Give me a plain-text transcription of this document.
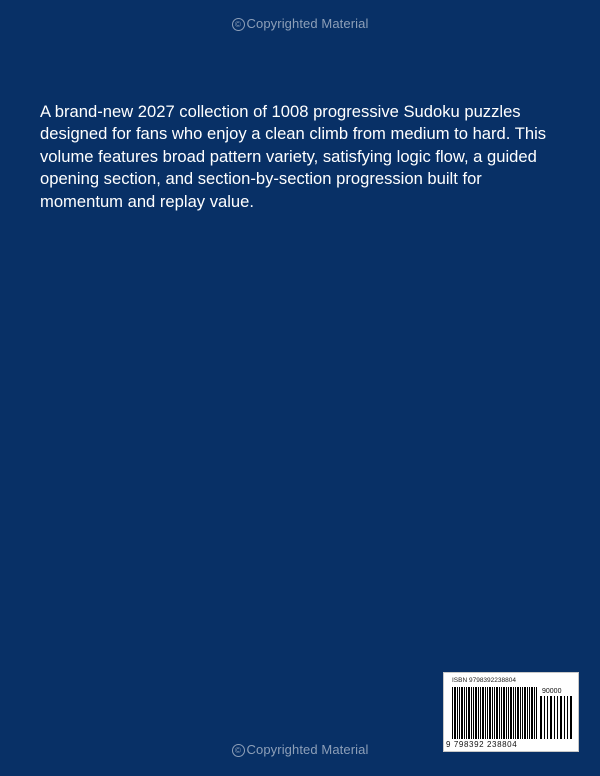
© Copyrighted Material

A brand-new 2027 collection of 1008 progressive Sudoku puzzles designed for fans who enjoy a clean climb from medium to hard. This volume features broad pattern variety, satisfying logic flow, a guided opening section, and section-by-section progression built for momentum and replay value.

ISBN 9798392238804
90000
9 798392 238804
© Copyrighted Material
